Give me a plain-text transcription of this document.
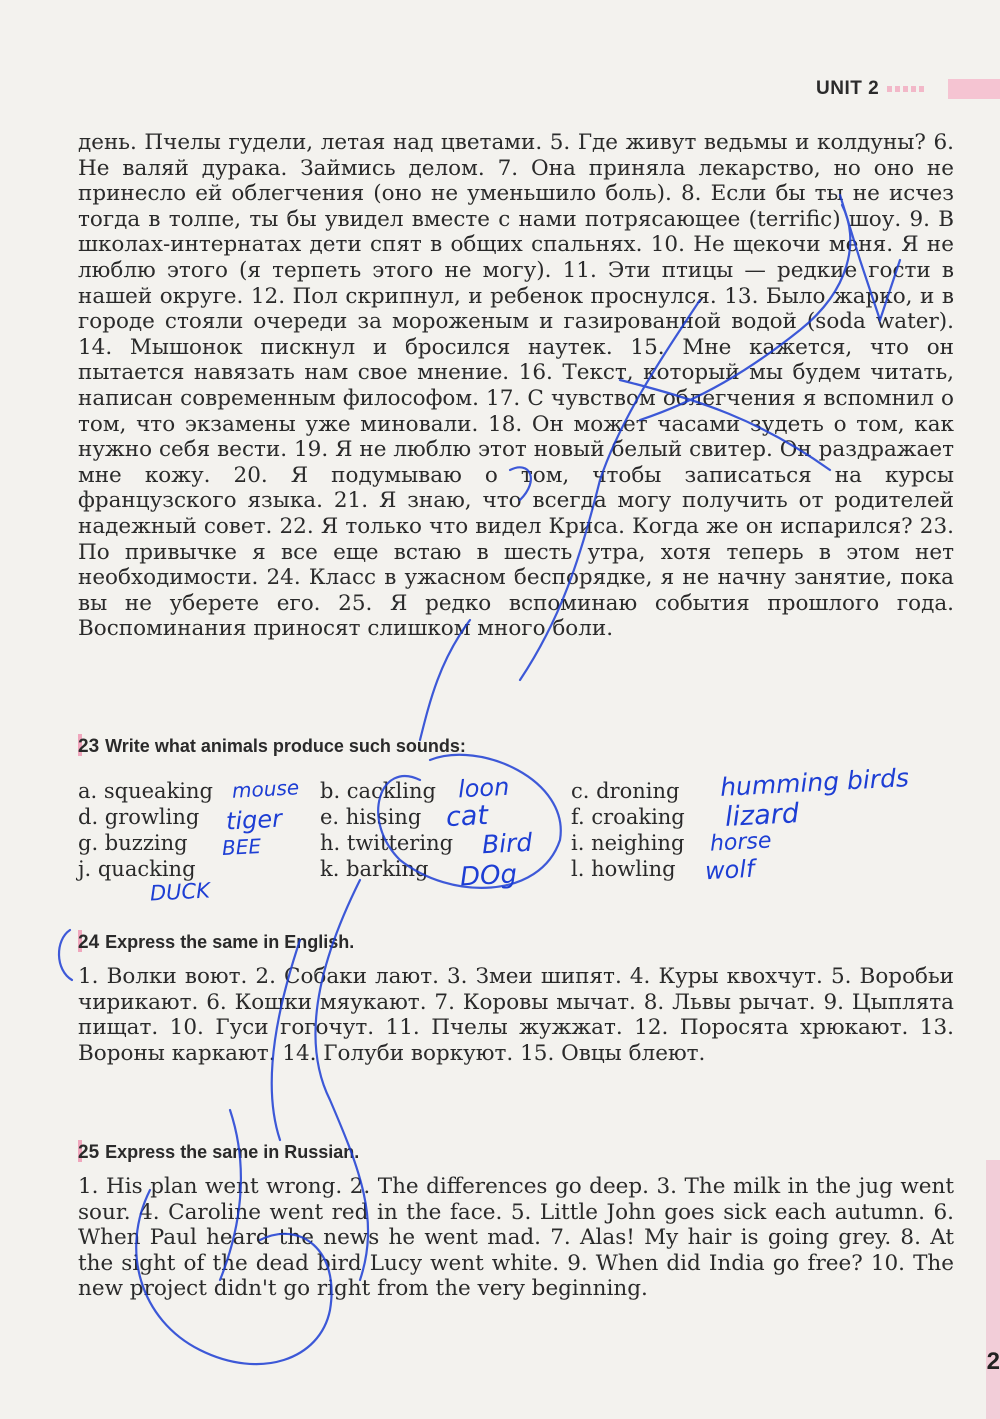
UNIT 2
день. Пчелы гудели, летая над цветами. 5. Где живут ведьмы и колдуны? 6. Не валяй дурака. Займись делом. 7. Она приняла лекарство, но оно не принесло ей облегчения (оно не уменьшило боль). 8. Если бы ты не исчез тогда в толпе, ты бы увидел вместе с нами потрясающее (terrific) шоу. 9. В школах-интернатах дети спят в общих спальнях. 10. Не щекочи меня. Я не люблю этого (я терпеть этого не могу). 11. Эти птицы — редкие гости в нашей округе. 12. Пол скрипнул, и ребенок проснулся. 13. Было жарко, и в городе стояли очереди за мороженым и газированной водой (soda water). 14. Мышонок пискнул и бросился наутек. 15. Мне кажется, что он пытается навязать нам свое мнение. 16. Текст, который мы будем читать, написан современным философом. 17. С чувством облегчения я вспомнил о том, что экзамены уже миновали. 18. Он может часами зудеть о том, как нужно себя вести. 19. Я не люблю этот новый белый свитер. Он раздражает мне кожу. 20. Я подумываю о том, чтобы записаться на курсы французского языка. 21. Я знаю, что всегда могу получить от родителей надежный совет. 22. Я только что видел Криса. Когда же он испарился? 23. По привычке я все еще встаю в шесть утра, хотя теперь в этом нет необходимости. 24. Класс в ужасном беспорядке, я не начну занятие, пока вы не уберете его. 25. Я редко вспоминаю события прошлого года. Воспоминания приносят слишком много боли.
23 Write what animals produce such sounds:
a. squeaking	b. cackling	c. droning
d. growling	e. hissing	f. croaking
g. buzzing	h. twittering	i. neighing
j. quacking	k. barking	l. howling
mouse	loon	humming birds
tiger	cat	lizard
BEE	Bird	horse
DUCK	DOg	wolf
24 Express the same in English.
1. Волки воют. 2. Собаки лают. 3. Змеи шипят. 4. Куры квохчут. 5. Воробьи чирикают. 6. Кошки мяукают. 7. Коровы мычат. 8. Львы рычат. 9. Цыплята пищат. 10. Гуси гогочут. 11. Пчелы жужжат. 12. Поросята хрюкают. 13. Вороны каркают. 14. Голуби воркуют. 15. Овцы блеют.
25 Express the same in Russian.
1. His plan went wrong. 2. The differences go deep. 3. The milk in the jug went sour. 4. Caroline went red in the face. 5. Little John goes sick each autumn. 6. When Paul heard the news he went mad. 7. Alas! My hair is going grey. 8. At the sight of the dead bird Lucy went white. 9. When did India go free? 10. The new project didn't go right from the very beginning.
2
